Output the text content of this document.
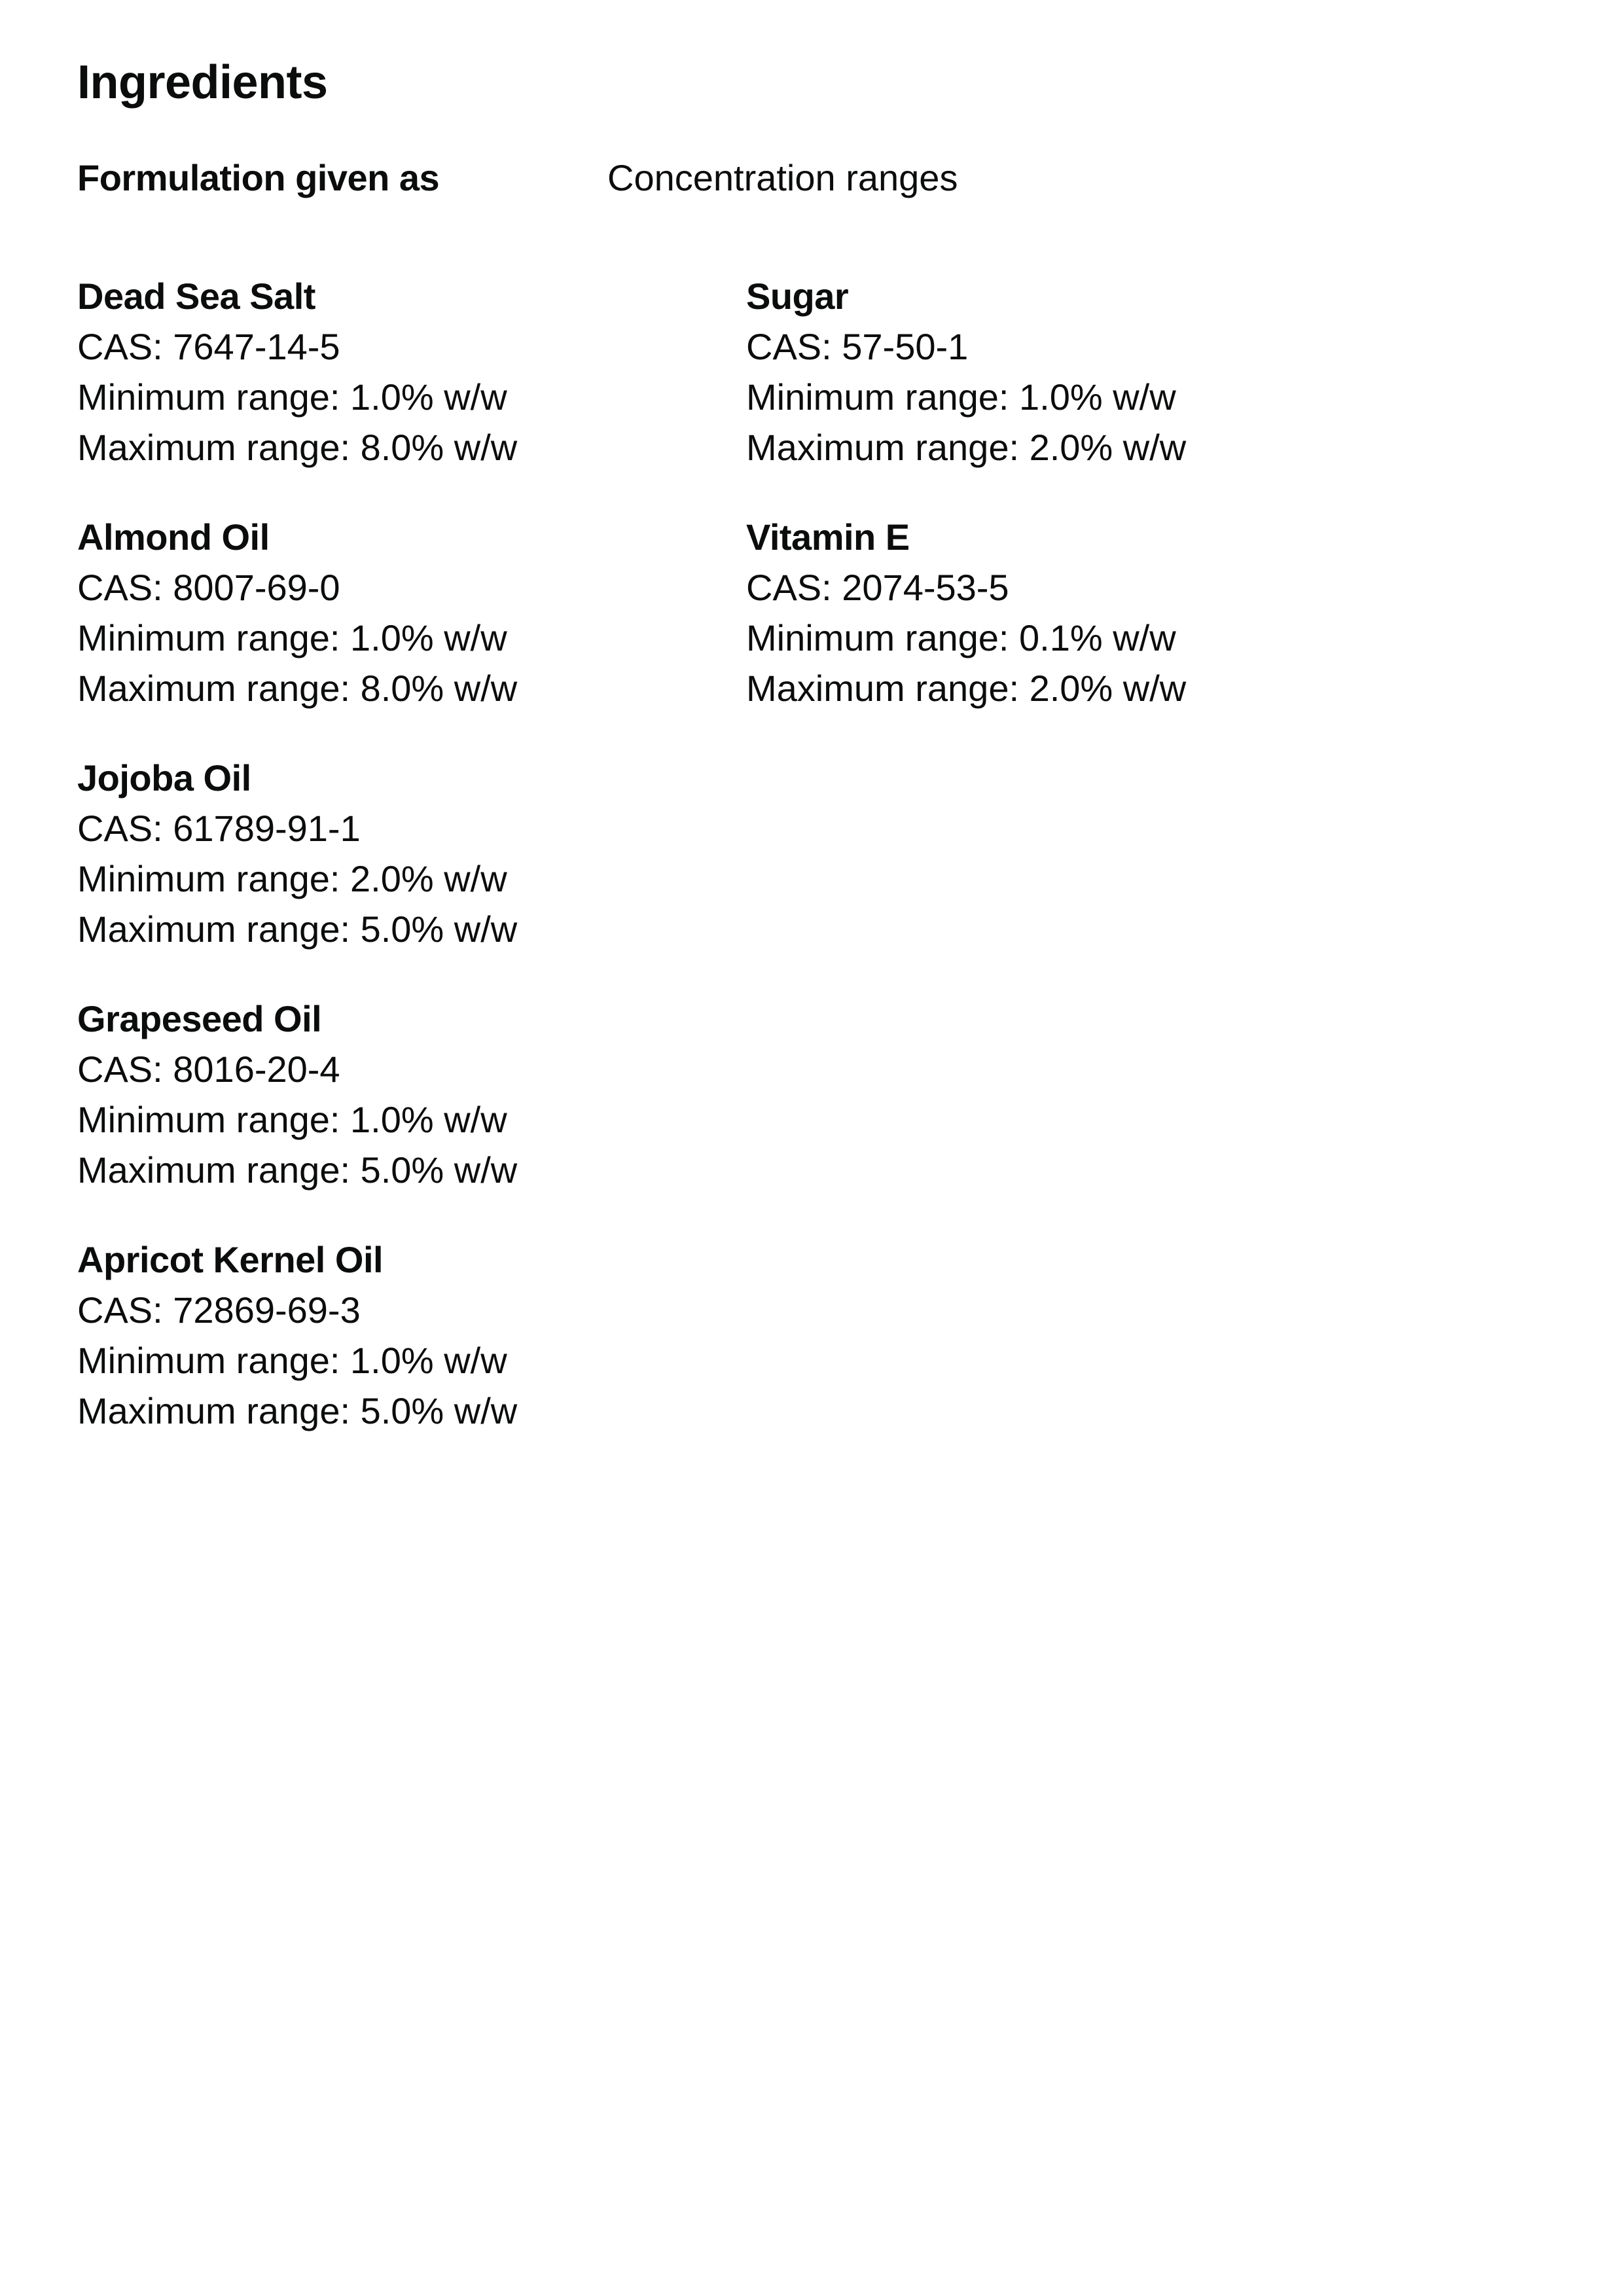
Ingredients
Formulation given as	Concentration ranges
Dead Sea Salt
CAS: 7647-14-5
Minimum range: 1.0% w/w
Maximum range: 8.0% w/w
Almond Oil
CAS: 8007-69-0
Minimum range: 1.0% w/w
Maximum range: 8.0% w/w
Jojoba Oil
CAS: 61789-91-1
Minimum range: 2.0% w/w
Maximum range: 5.0% w/w
Grapeseed Oil
CAS: 8016-20-4
Minimum range: 1.0% w/w
Maximum range: 5.0% w/w
Apricot Kernel Oil
CAS: 72869-69-3
Minimum range: 1.0% w/w
Maximum range: 5.0% w/w
Sugar
CAS: 57-50-1
Minimum range: 1.0% w/w
Maximum range: 2.0% w/w
Vitamin E
CAS: 2074-53-5
Minimum range: 0.1% w/w
Maximum range: 2.0% w/w
